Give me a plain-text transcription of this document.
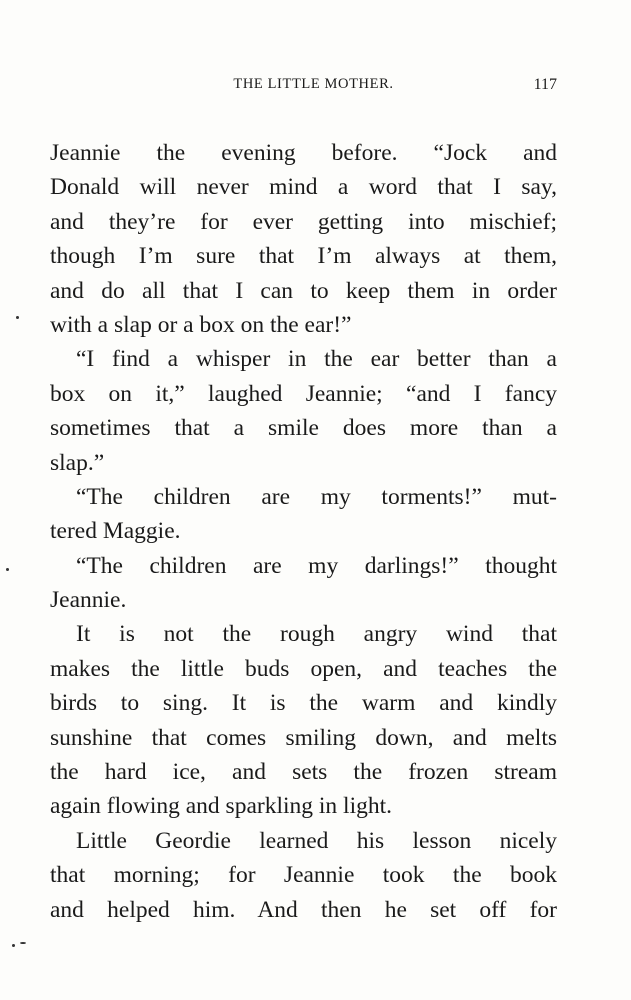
THE LITTLE MOTHER.	117
Jeannie the evening before. “Jock and
Donald will never mind a word that I say,
and they’re for ever getting into mischief;
though I’m sure that I’m always at them,
and do all that I can to keep them in order
with a slap or a box on the ear!”
“I find a whisper in the ear better than a
box on it,” laughed Jeannie; “and I fancy
sometimes that a smile does more than a
slap.”
“The children are my torments!” mut-
tered Maggie.
“The children are my darlings!” thought
Jeannie.
It is not the rough angry wind that
makes the little buds open, and teaches the
birds to sing. It is the warm and kindly
sunshine that comes smiling down, and melts
the hard ice, and sets the frozen stream
again flowing and sparkling in light.
Little Geordie learned his lesson nicely
that morning; for Jeannie took the book
and helped him. And then he set off for
